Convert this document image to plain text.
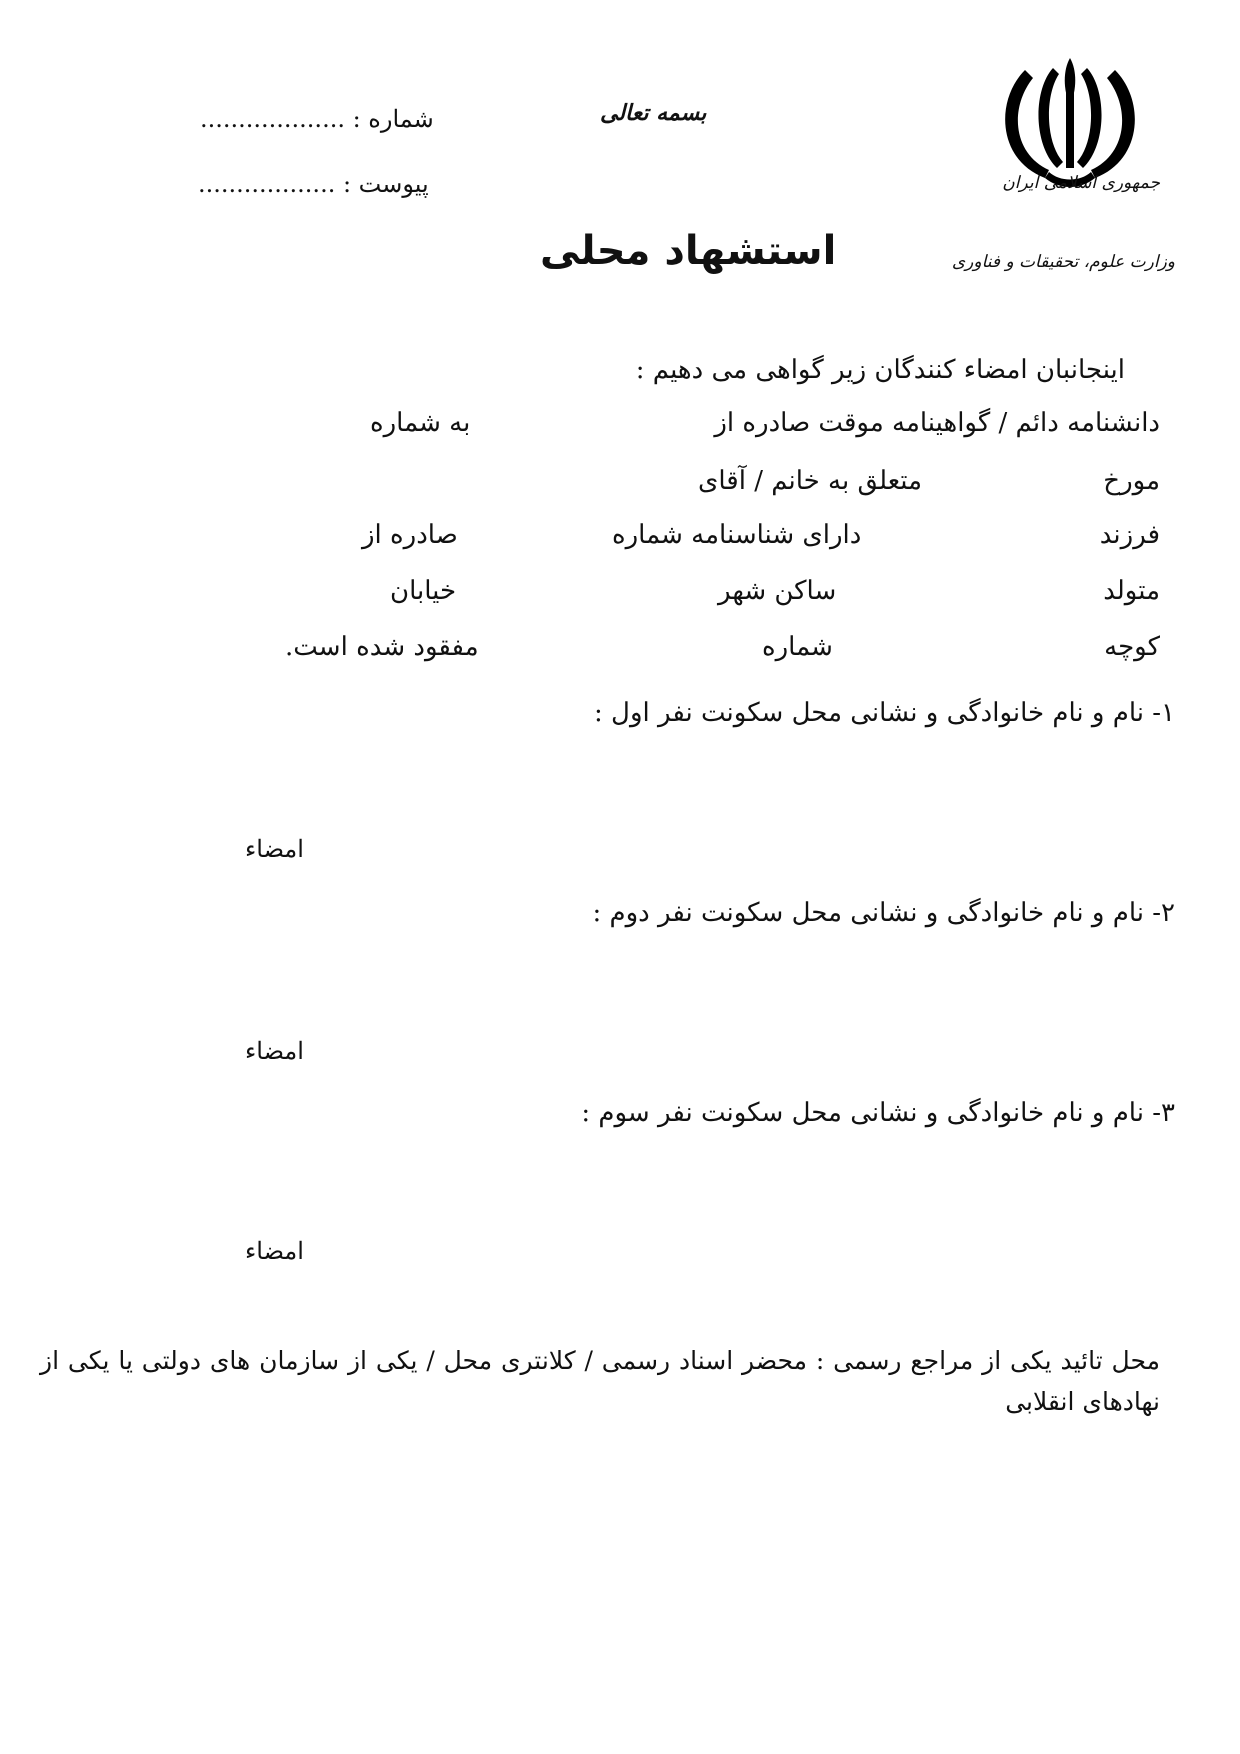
جمهوری اسلامی ایران
وزارت علوم، تحقیقات و فناوری
بسمه تعالی
استشهاد محلی
شماره : ...................
پیوست : ..................
اینجانبان امضاء کنندگان زیر گواهی می دهیم :
دانشنامه دائم / گواهینامه موقت صادره از
به شماره
مورخ
متعلق به خانم / آقای
فرزند
دارای شناسنامه شماره
صادره از
متولد
ساکن شهر
خیابان
کوچه
شماره
مفقود شده است.
۱- نام و نام خانوادگی و نشانی محل سکونت نفر اول :
امضاء
۲- نام و نام خانوادگی و نشانی محل سکونت نفر دوم :
امضاء
۳- نام و نام خانوادگی و نشانی محل سکونت نفر سوم :
امضاء
محل تائید یکی از مراجع رسمی : محضر اسناد رسمی / کلانتری محل / یکی از سازمان های دولتی یا یکی از نهادهای انقلابی
